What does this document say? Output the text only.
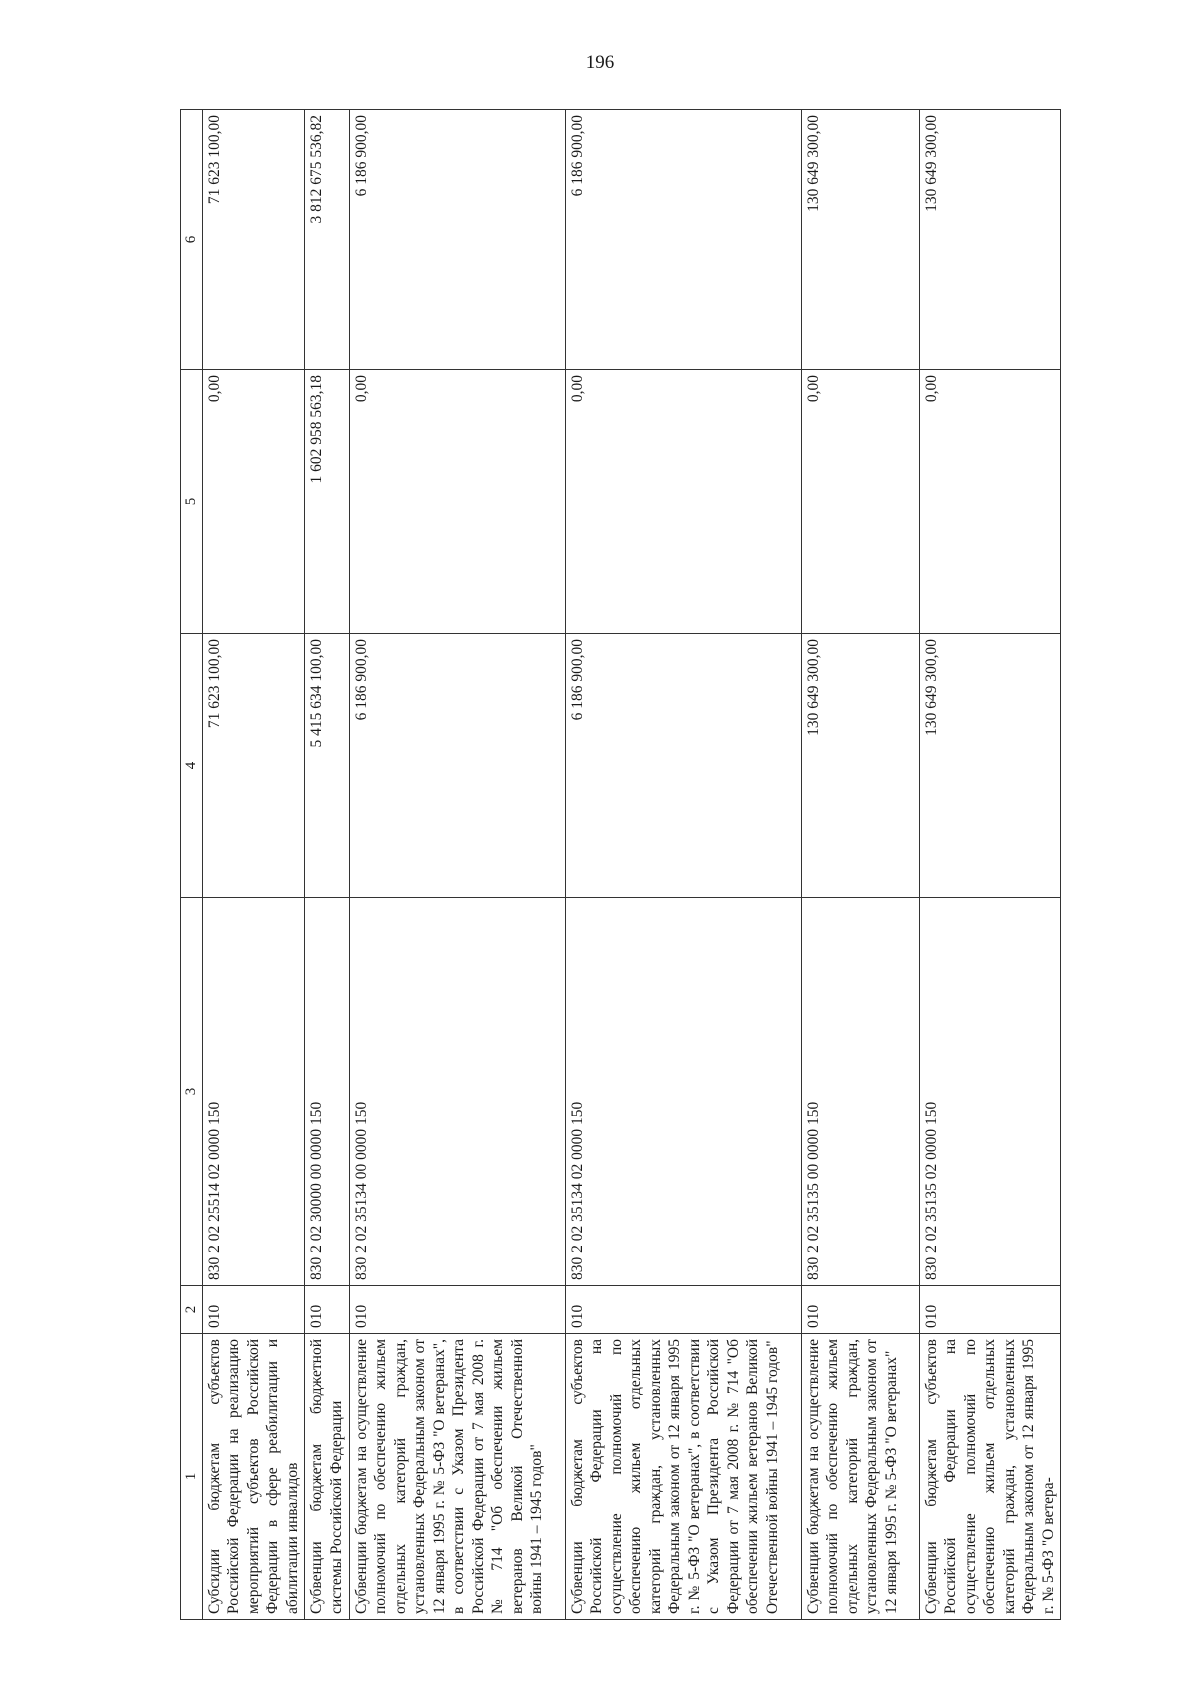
196
1	2	3	4	5	6
Субсидии бюджетам субъектов Российской Федерации на реализацию мероприятий субъектов Российской Федерации в сфере реабилитации и абилитации инвалидов	010	830 2 02 25514 02 0000 150	71 623 100,00	0,00	71 623 100,00
Субвенции бюджетам бюджетной системы Российской Федерации	010	830 2 02 30000 00 0000 150	5 415 634 100,00	1 602 958 563,18	3 812 675 536,82
Субвенции бюджетам на осуществление полномочий по обеспечению жильем отдельных категорий граждан, установленных Федеральным законом от 12 января 1995 г. № 5-ФЗ "О ветеранах", в соответствии с Указом Президента Российской Федерации от 7 мая 2008 г. № 714 "Об обеспечении жильем ветеранов Великой Отечественной войны 1941 – 1945 годов"	010	830 2 02 35134 00 0000 150	6 186 900,00	0,00	6 186 900,00
Субвенции бюджетам субъектов Российской Федерации на осуществление полномочий по обеспечению жильем отдельных категорий граждан, установленных Федеральным законом от 12 января 1995 г. № 5-ФЗ "О ветеранах", в соответствии с Указом Президента Российской Федерации от 7 мая 2008 г. № 714 "Об обеспечении жильем ветеранов Великой Отечественной войны 1941 – 1945 годов"	010	830 2 02 35134 02 0000 150	6 186 900,00	0,00	6 186 900,00
Субвенции бюджетам на осуществление полномочий по обеспечению жильем отдельных категорий граждан, установленных Федеральным законом от 12 января 1995 г. № 5-ФЗ "О ветеранах"	010	830 2 02 35135 00 0000 150	130 649 300,00	0,00	130 649 300,00
Субвенции бюджетам субъектов Российской Федерации на осуществление полномочий по обеспечению жильем отдельных категорий граждан, установленных Федеральным законом от 12 января 1995 г. № 5-ФЗ "О ветера-	010	830 2 02 35135 02 0000 150	130 649 300,00	0,00	130 649 300,00
